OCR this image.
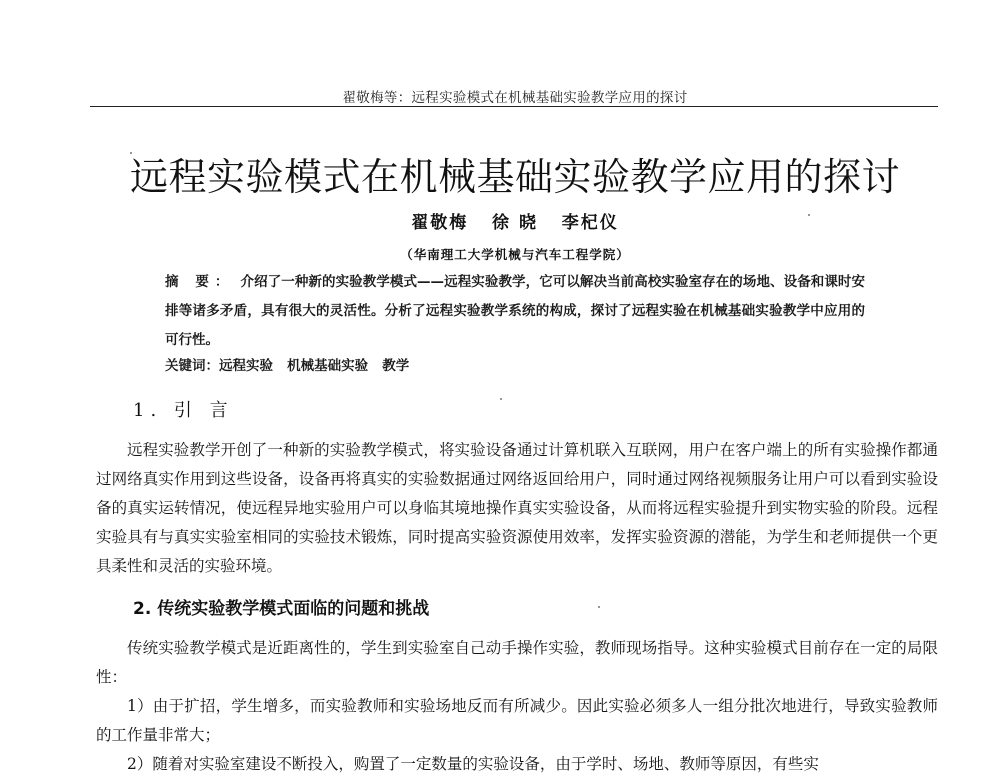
翟敬梅等：远程实验模式在机械基础实验教学应用的探讨
远程实验模式在机械基础实验教学应用的探讨
翟敬梅   徐 晓   李杞仪
（华南理工大学机械与汽车工程学院）
摘 要： 介绍了一种新的实验教学模式——远程实验教学，它可以解决当前高校实验室存在的场地、设备和课时安排等诸多矛盾，具有很大的灵活性。分析了远程实验教学系统的构成，探讨了远程实验在机械基础实验教学中应用的可行性。
关键词：远程实验   机械基础实验   教学
1. 引 言
远程实验教学开创了一种新的实验教学模式，将实验设备通过计算机联入互联网，用户在客户端上的所有实验操作都通过网络真实作用到这些设备，设备再将真实的实验数据通过网络返回给用户，同时通过网络视频服务让用户可以看到实验设备的真实运转情况，使远程异地实验用户可以身临其境地操作真实实验设备，从而将远程实验提升到实物实验的阶段。远程实验具有与真实实验室相同的实验技术锻炼，同时提高实验资源使用效率，发挥实验资源的潜能，为学生和老师提供一个更具柔性和灵活的实验环境。
2. 传统实验教学模式面临的问题和挑战
传统实验教学模式是近距离性的，学生到实验室自己动手操作实验，教师现场指导。这种实验模式目前存在一定的局限性：
1）由于扩招，学生增多，而实验教师和实验场地反而有所减少。因此实验必须多人一组分批次地进行，导致实验教师的工作量非常大；
2）随着对实验室建设不断投入，购置了一定数量的实验设备，由于学时、场地、教师等原因，有些实
